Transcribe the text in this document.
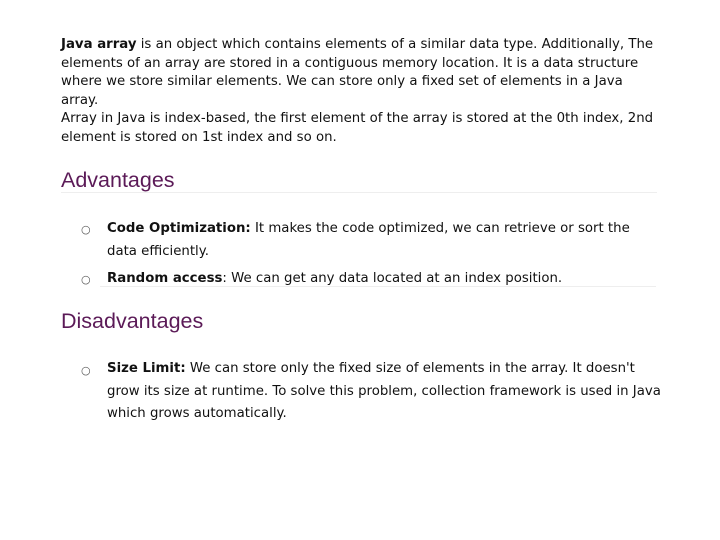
Java array is an object which contains elements of a similar data type. Additionally, The elements of an array are stored in a contiguous memory location. It is a data structure where we store similar elements. We can store only a fixed set of elements in a Java array.

Array in Java is index-based, the first element of the array is stored at the 0th index, 2nd element is stored on 1st index and so on.

Advantages
○ Code Optimization: It makes the code optimized, we can retrieve or sort the data efficiently.

○ Random access: We can get any data located at an index position.

Disadvantages
○ Size Limit: We can store only the fixed size of elements in the array. It doesn't grow its size at runtime. To solve this problem, collection framework is used in Java which grows automatically.
